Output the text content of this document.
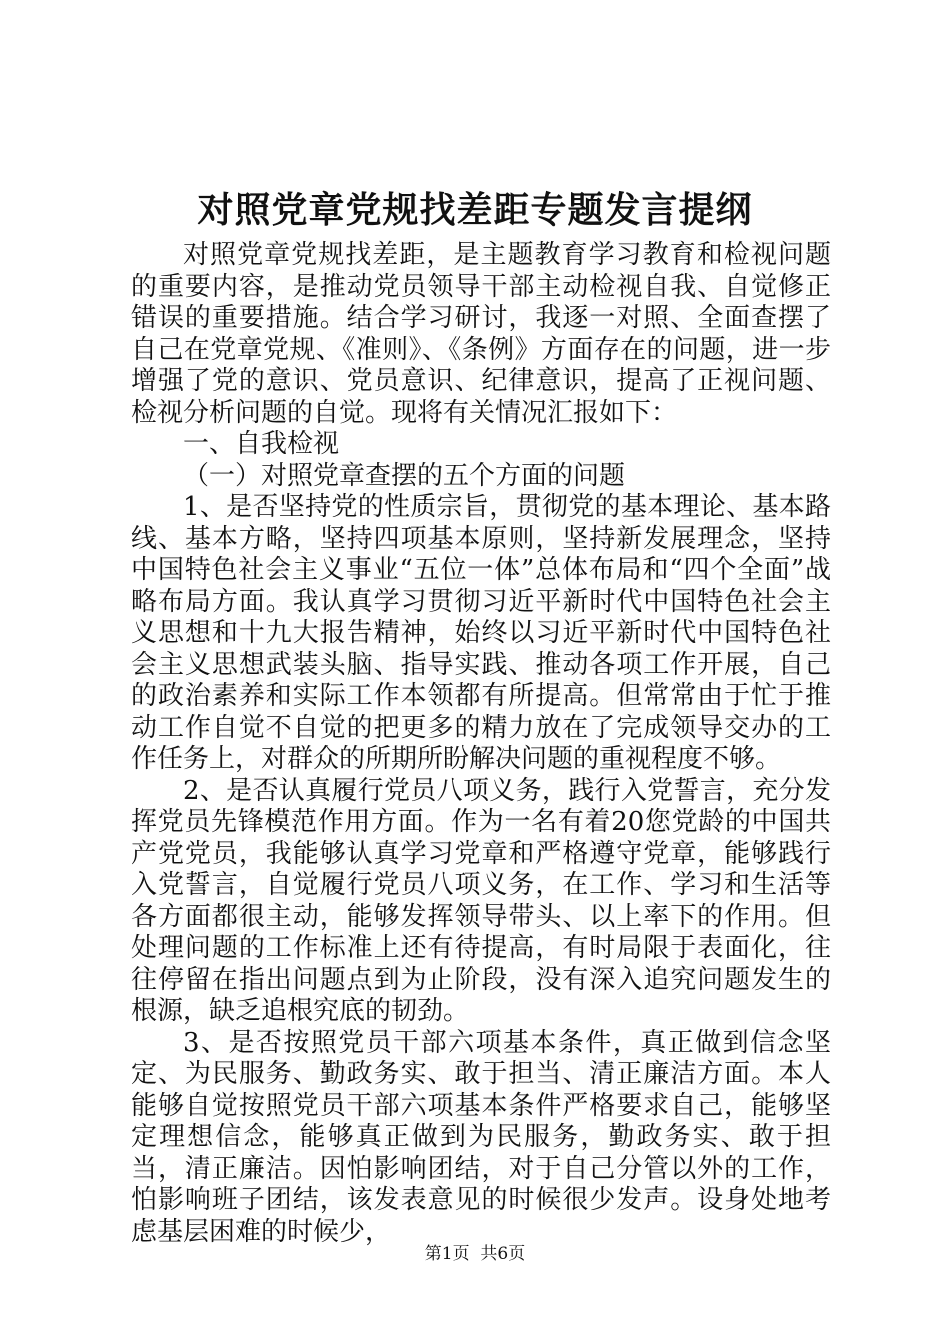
对照党章党规找差距专题发言提纲

对照党章党规找差距，是主题教育学习教育和检视问题的重要内容，是推动党员领导干部主动检视自我、自觉修正错误的重要措施。结合学习研讨，我逐一对照、全面查摆了自己在党章党规、《准则》、《条例》方面存在的问题，进一步增强了党的意识、党员意识、纪律意识，提高了正视问题、检视分析问题的自觉。现将有关情况汇报如下：

一、自我检视

（一）对照党章查摆的五个方面的问题

1、是否坚持党的性质宗旨，贯彻党的基本理论、基本路线、基本方略，坚持四项基本原则，坚持新发展理念，坚持中国特色社会主义事业“五位一体”总体布局和“四个全面”战略布局方面。我认真学习贯彻习近平新时代中国特色社会主义思想和十九大报告精神，始终以习近平新时代中国特色社会主义思想武装头脑、指导实践、推动各项工作开展，自己的政治素养和实际工作本领都有所提高。但常常由于忙于推动工作自觉不自觉的把更多的精力放在了完成领导交办的工作任务上，对群众的所期所盼解决问题的重视程度不够。

2、是否认真履行党员八项义务，践行入党誓言，充分发挥党员先锋模范作用方面。作为一名有着20您党龄的中国共产党党员，我能够认真学习党章和严格遵守党章，能够践行入党誓言，自觉履行党员八项义务，在工作、学习和生活等各方面都很主动，能够发挥领导带头、以上率下的作用。但处理问题的工作标准上还有待提高，有时局限于表面化，往往停留在指出问题点到为止阶段，没有深入追究问题发生的根源，缺乏追根究底的韧劲。

3、是否按照党员干部六项基本条件，真正做到信念坚定、为民服务、勤政务实、敢于担当、清正廉洁方面。本人能够自觉按照党员干部六项基本条件严格要求自己，能够坚定理想信念，能够真正做到为民服务，勤政务实、敢于担当，清正廉洁。因怕影响团结，对于自己分管以外的工作，怕影响班子团结，该发表意见的时候很少发声。设身处地考虑基层困难的时候少，

第1页 共6页
